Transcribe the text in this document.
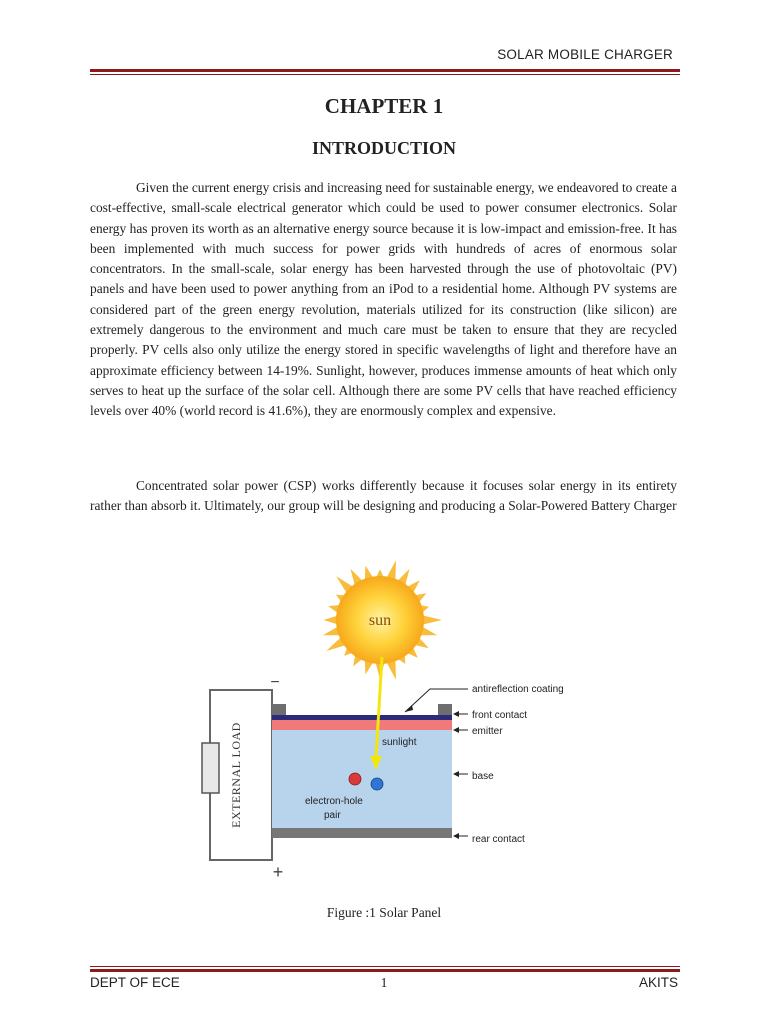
SOLAR MOBILE CHARGER
CHAPTER 1
INTRODUCTION

Given the current energy crisis and increasing need for sustainable energy, we endeavored to create a cost-effective, small-scale electrical generator which could be used to power consumer electronics. Solar energy has proven its worth as an alternative energy source because it is low-impact and emission-free. It has been implemented with much success for power grids with hundreds of acres of enormous solar concentrators. In the small-scale, solar energy has been harvested through the use of photovoltaic (PV) panels and have been used to power anything from an iPod to a residential home. Although PV systems are considered part of the green energy revolution, materials utilized for its construction (like silicon) are extremely dangerous to the environment and much care must be taken to ensure that they are recycled properly. PV cells also only utilize the energy stored in specific wavelengths of light and therefore have an approximate efficiency between 14-19%. Sunlight, however, produces immense amounts of heat which only serves to heat up the surface of the solar cell. Although there are some PV cells that have reached efficiency levels over 40% (world record is 41.6%), they are enormously complex and expensive.

Concentrated solar power (CSP) works differently because it focuses solar energy in its entirety rather than absorb it. Ultimately, our group will be designing and producing a Solar-Powered Battery Charger

sun
EXTERNAL LOAD
−
+
sunlight
electron-hole
pair
antireflection coating
front contact
emitter
base
rear contact
Figure :1 Solar Panel
DEPT OF ECE	1	AKITS
